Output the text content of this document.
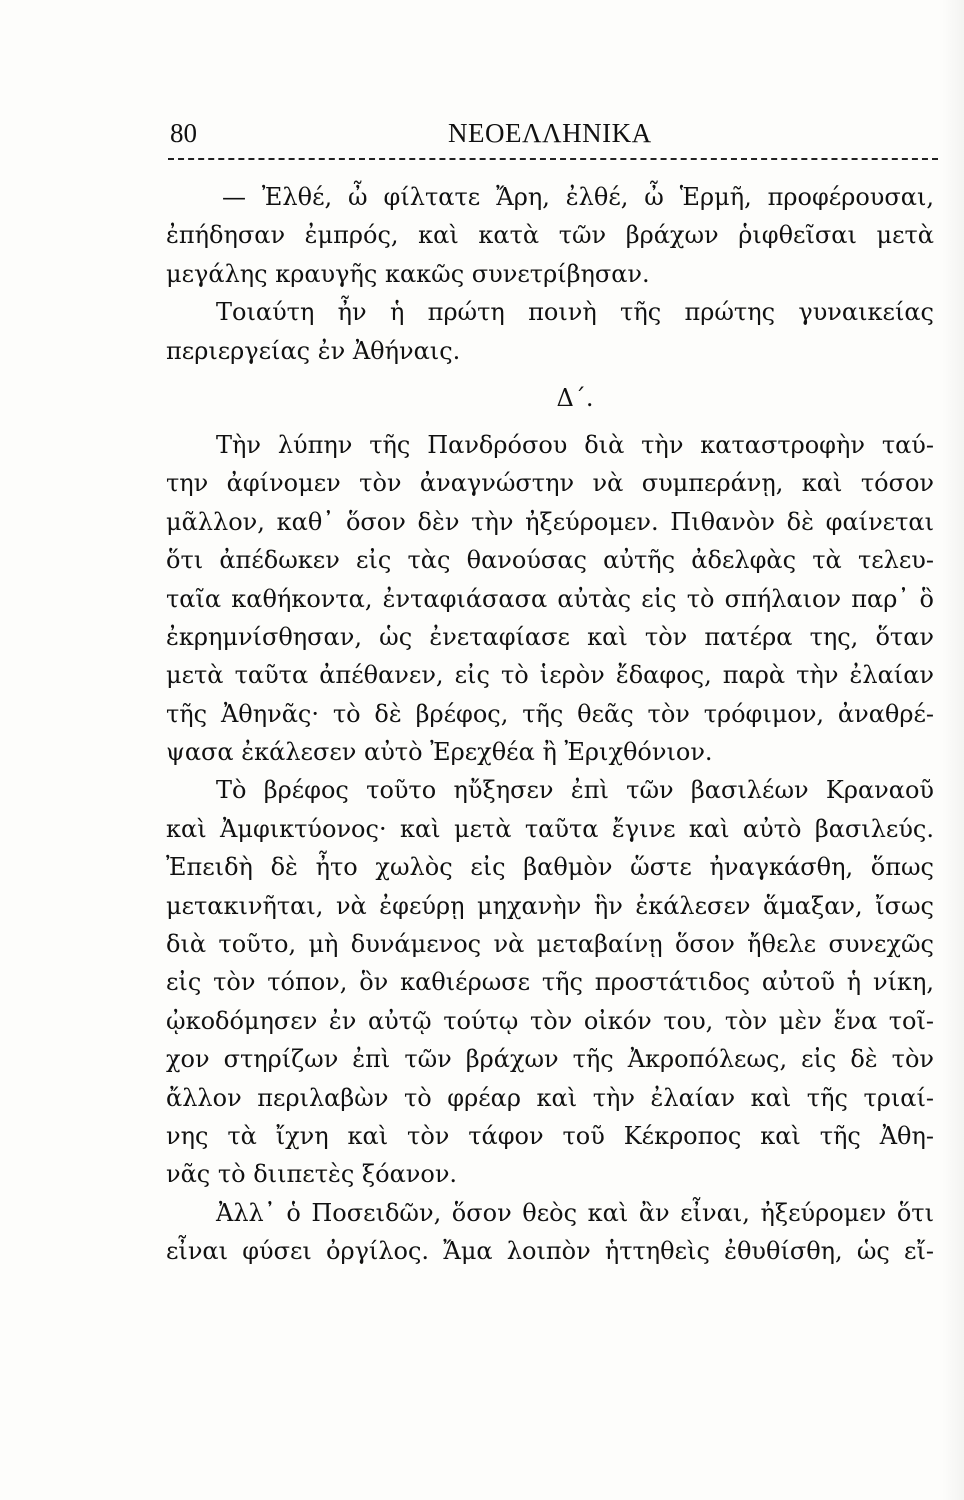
80	ΝΕΟΕΛΛΗΝΙΚΑ
— Ἐλθέ, ὦ φίλτατε Ἄρη, ἐλθέ, ὦ Ἑρμῆ, προφέρουσαι,
ἐπήδησαν ἐμπρός, καὶ κατὰ τῶν βράχων ῥιφθεῖσαι μετὰ
μεγάλης κραυγῆς κακῶς συνετρίβησαν.
Τοιαύτη ἦν ἡ πρώτη ποινὴ τῆς πρώτης γυναικείας
περιεργείας ἐν Ἀθήναις.
Δ΄.
Τὴν λύπην τῆς Πανδρόσου διὰ τὴν καταστροφὴν ταύ-
την ἀφίνομεν τὸν ἀναγνώστην νὰ συμπεράνῃ, καὶ τόσον
μᾶλλον, καθ᾽ ὅσον δὲν τὴν ἠξεύρομεν. Πιθανὸν δὲ φαίνεται
ὅτι ἀπέδωκεν εἰς τὰς θανούσας αὐτῆς ἀδελφὰς τὰ τελευ-
ταῖα καθήκοντα, ἐνταφιάσασα αὐτὰς εἰς τὸ σπήλαιον παρ᾽ ὃ
ἐκρημνίσθησαν, ὡς ἐνεταφίασε καὶ τὸν πατέρα της, ὅταν
μετὰ ταῦτα ἀπέθανεν, εἰς τὸ ἱερὸν ἔδαφος, παρὰ τὴν ἐλαίαν
τῆς Ἀθηνᾶς· τὸ δὲ βρέφος, τῆς θεᾶς τὸν τρόφιμον, ἀναθρέ-
ψασα ἐκάλεσεν αὐτὸ Ἐρεχθέα ἢ Ἐριχθόνιον.
Τὸ βρέφος τοῦτο ηὔξησεν ἐπὶ τῶν βασιλέων Κραναοῦ
καὶ Ἀμφικτύονος· καὶ μετὰ ταῦτα ἔγινε καὶ αὐτὸ βασιλεύς.
Ἐπειδὴ δὲ ἦτο χωλὸς εἰς βαθμὸν ὥστε ἠναγκάσθη, ὅπως
μετακινῆται, νὰ ἐφεύρῃ μηχανὴν ἣν ἐκάλεσεν ἅμαξαν, ἴσως
διὰ τοῦτο, μὴ δυνάμενος νὰ μεταβαίνῃ ὅσον ἤθελε συνεχῶς
εἰς τὸν τόπον, ὃν καθιέρωσε τῆς προστάτιδος αὐτοῦ ἡ νίκη,
ᾠκοδόμησεν ἐν αὐτῷ τούτῳ τὸν οἰκόν του, τὸν μὲν ἕνα τοῖ-
χον στηρίζων ἐπὶ τῶν βράχων τῆς Ἀκροπόλεως, εἰς δὲ τὸν
ἄλλον περιλαβὼν τὸ φρέαρ καὶ τὴν ἐλαίαν καὶ τῆς τριαί-
νης τὰ ἴχνη καὶ τὸν τάφον τοῦ Κέκροπος καὶ τῆς Ἀθη-
νᾶς τὸ διιπετὲς ξόανον.
Ἀλλ᾽ ὁ Ποσειδῶν, ὅσον θεὸς καὶ ἂν εἶναι, ἠξεύρομεν ὅτι
εἶναι φύσει ὀργίλος. Ἄμα λοιπὸν ἡττηθεὶς ἐθυθίσθη, ὡς εἴ-
